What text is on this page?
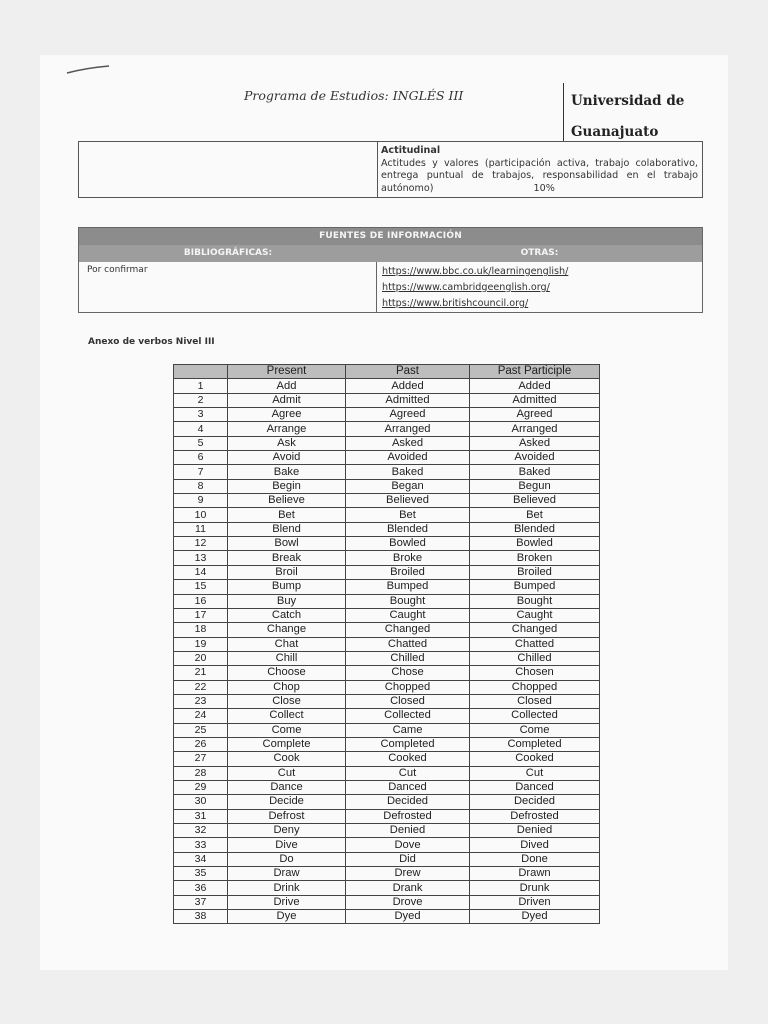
Programa de Estudios: INGLÉS III	Universidad de
Guanajuato
Actitudinal
Actitudes y valores (participación activa, trabajo colaborativo, entrega puntual de trabajos, responsabilidad en el trabajo autónomo)	10%
FUENTES DE INFORMACIÓN
BIBLIOGRÁFICAS:	OTRAS:
Por confirmar	https://www.bbc.co.uk/learningenglish/
https://www.cambridgeenglish.org/
https://www.britishcouncil.org/
Anexo de verbos Nivel III
	Present	Past	Past Participle
1	Add	Added	Added
2	Admit	Admitted	Admitted
3	Agree	Agreed	Agreed
4	Arrange	Arranged	Arranged
5	Ask	Asked	Asked
6	Avoid	Avoided	Avoided
7	Bake	Baked	Baked
8	Begin	Began	Begun
9	Believe	Believed	Believed
10	Bet	Bet	Bet
11	Blend	Blended	Blended
12	Bowl	Bowled	Bowled
13	Break	Broke	Broken
14	Broil	Broiled	Broiled
15	Bump	Bumped	Bumped
16	Buy	Bought	Bought
17	Catch	Caught	Caught
18	Change	Changed	Changed
19	Chat	Chatted	Chatted
20	Chill	Chilled	Chilled
21	Choose	Chose	Chosen
22	Chop	Chopped	Chopped
23	Close	Closed	Closed
24	Collect	Collected	Collected
25	Come	Came	Come
26	Complete	Completed	Completed
27	Cook	Cooked	Cooked
28	Cut	Cut	Cut
29	Dance	Danced	Danced
30	Decide	Decided	Decided
31	Defrost	Defrosted	Defrosted
32	Deny	Denied	Denied
33	Dive	Dove	Dived
34	Do	Did	Done
35	Draw	Drew	Drawn
36	Drink	Drank	Drunk
37	Drive	Drove	Driven
38	Dye	Dyed	Dyed
